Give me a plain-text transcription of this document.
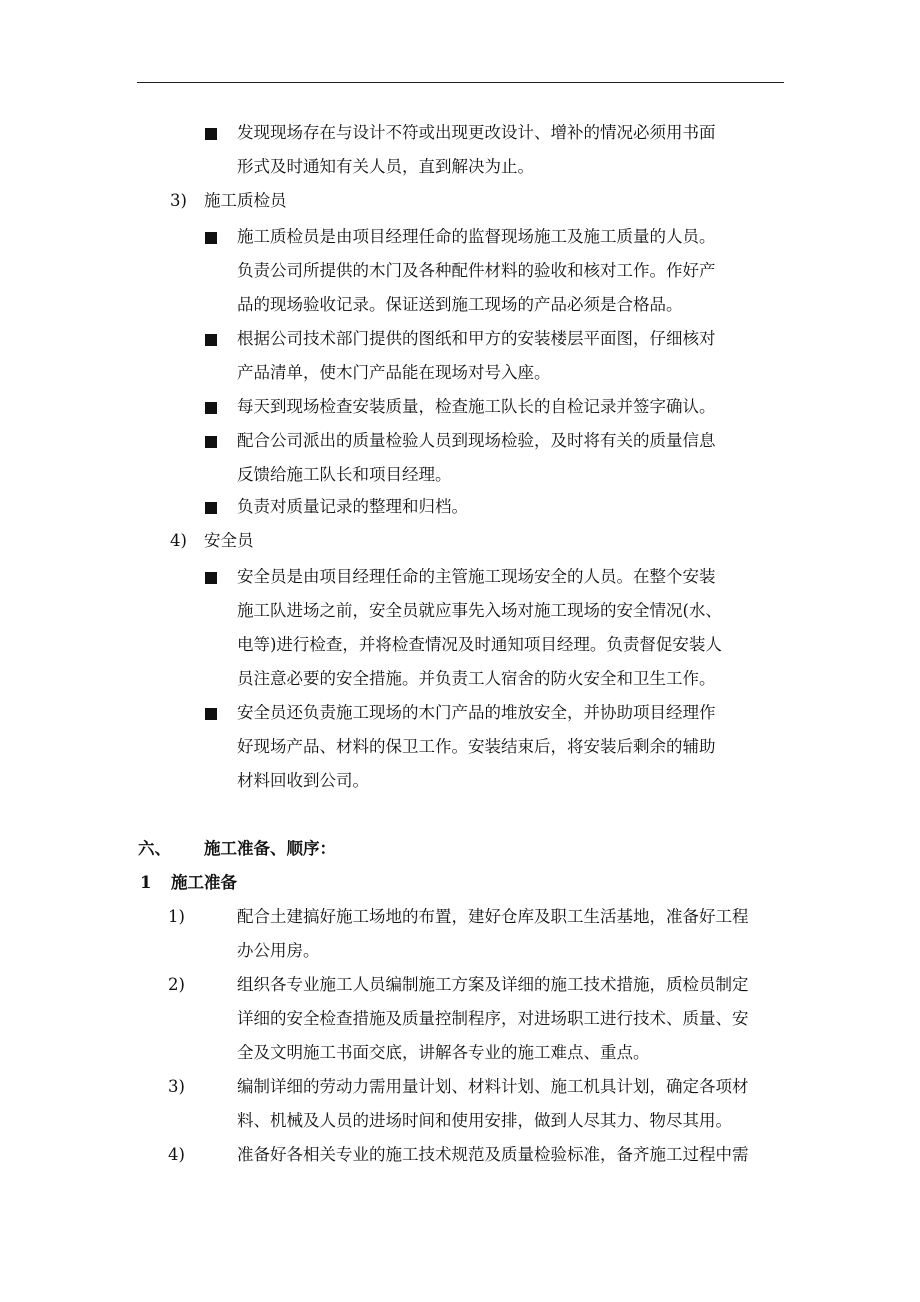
发现现场存在与设计不符或出现更改设计、增补的情况必须用书面
形式及时通知有关人员，直到解决为止。
3) 施工质检员
施工质检员是由项目经理任命的监督现场施工及施工质量的人员。
负责公司所提供的木门及各种配件材料的验收和核对工作。作好产
品的现场验收记录。保证送到施工现场的产品必须是合格品。
根据公司技术部门提供的图纸和甲方的安装楼层平面图，仔细核对
产品清单，使木门产品能在现场对号入座。
每天到现场检查安装质量，检查施工队长的自检记录并签字确认。
配合公司派出的质量检验人员到现场检验，及时将有关的质量信息
反馈给施工队长和项目经理。
负责对质量记录的整理和归档。
4) 安全员
安全员是由项目经理任命的主管施工现场安全的人员。在整个安装
施工队进场之前，安全员就应事先入场对施工现场的安全情况(水、
电等)进行检查，并将检查情况及时通知项目经理。负责督促安装人
员注意必要的安全措施。并负责工人宿舍的防火安全和卫生工作。
安全员还负责施工现场的木门产品的堆放安全，并协助项目经理作
好现场产品、材料的保卫工作。安装结束后，将安装后剩余的辅助
材料回收到公司。
六、 施工准备、顺序：
1 施工准备
1)	配合土建搞好施工场地的布置，建好仓库及职工生活基地，准备好工程
办公用房。
2)	组织各专业施工人员编制施工方案及详细的施工技术措施，质检员制定
详细的安全检查措施及质量控制程序，对进场职工进行技术、质量、安
全及文明施工书面交底，讲解各专业的施工难点、重点。
3)	编制详细的劳动力需用量计划、材料计划、施工机具计划，确定各项材
料、机械及人员的进场时间和使用安排，做到人尽其力、物尽其用。
4)	准备好各相关专业的施工技术规范及质量检验标准，备齐施工过程中需
